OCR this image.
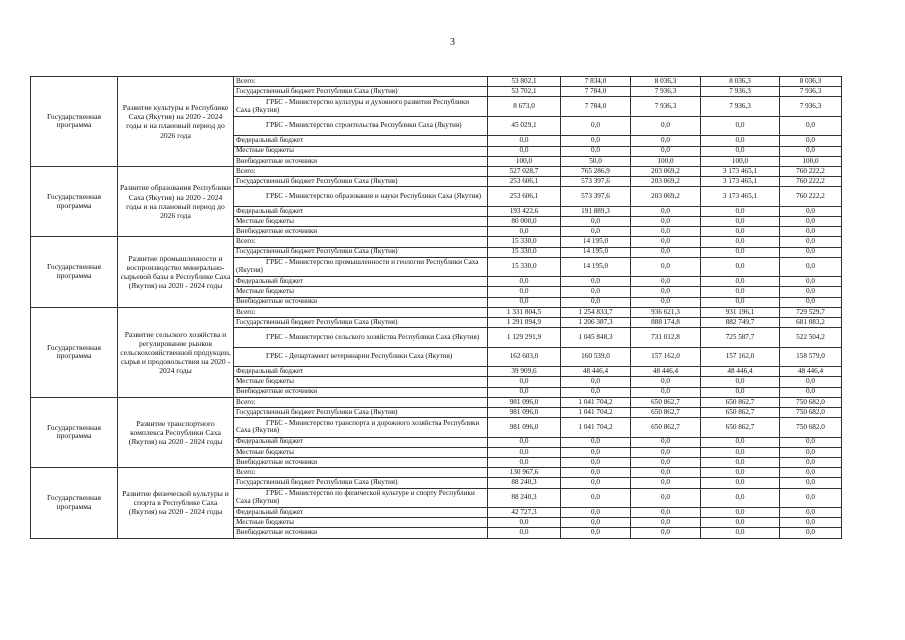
3
Государственная программа	Развитие культуры в Республике Саха (Якутия) на 2020 - 2024 годы и на плановый период до 2026 года	Всего:	53 802,1	7 834,0	8 036,3	8 036,3	8 036,3
		Государственный бюджет Республики Саха (Якутия)	53 702,1	7 784,0	7 936,3	7 936,3	7 936,3
		ГРБС - Министерство культуры и духовного развития Республики Саха (Якутия)	8 673,0	7 784,0	7 936,3	7 936,3	7 936,3
		ГРБС - Министерство строительства Республики Саха (Якутия)	45 029,1	0,0	0,0	0,0	0,0
		Федеральный бюджет	0,0	0,0	0,0	0,0	0,0
		Местные бюджеты	0,0	0,0	0,0	0,0	0,0
		Внебюджетные источники	100,0	50,0	100,0	100,0	100,0
Государственная программа	Развитие образования Республики Саха (Якутия) на 2020 - 2024 годы и на плановый период до 2026 года	Всего:	527 028,7	765 286,9	203 069,2	3 173 465,1	760 222,2
		Государственный бюджет Республики Саха (Якутия)	253 606,1	573 397,6	203 069,2	3 173 465,1	760 222,2
		ГРБС - Министерство образования и науки Республики Саха (Якутия)	253 606,1	573 397,6	203 069,2	3 173 465,1	760 222,2
		Федеральный бюджет	193 422,6	191 889,3	0,0	0,0	0,0
		Местные бюджеты	80 000,0	0,0	0,0	0,0	0,0
		Внебюджетные источники	0,0	0,0	0,0	0,0	0,0
Государственная программа	Развитие промышленности и воспроизводство минерально-сырьевой базы в Республике Саха (Якутия) на 2020 - 2024 годы	Всего:	15 330,0	14 195,0	0,0	0,0	0,0
		Государственный бюджет Республики Саха (Якутия)	15 330,0	14 195,0	0,0	0,0	0,0
		ГРБС - Министерство промышленности и геологии Республики Саха (Якутия)	15 330,0	14 195,0	0,0	0,0	0,0
		Федеральный бюджет	0,0	0,0	0,0	0,0	0,0
		Местные бюджеты	0,0	0,0	0,0	0,0	0,0
		Внебюджетные источники	0,0	0,0	0,0	0,0	0,0
Государственная программа	Развитие сельского хозяйства и регулирование рынков сельскохозяйственной продукции, сырья и продовольствия на 2020 - 2024 годы	Всего:	1 331 804,5	1 254 833,7	936 621,3	931 196,1	729 529,7
		Государственный бюджет Республики Саха (Якутия)	1 291 894,9	1 206 387,3	888 174,8	882 749,7	681 083,2
		ГРБС - Министерство сельского хозяйства Республики Саха (Якутия)	1 129 291,9	1 045 848,3	731 012,8	725 587,7	522 504,2
		ГРБС - Департамент ветеринарии Республики Саха (Якутия)	162 603,0	160 539,0	157 162,0	157 162,0	158 579,0
		Федеральный бюджет	39 909,6	48 446,4	48 446,4	48 446,4	48 446,4
		Местные бюджеты	0,0	0,0	0,0	0,0	0,0
		Внебюджетные источники	0,0	0,0	0,0	0,0	0,0
Государственная программа	Развитие транспортного комплекса Республики Саха (Якутия) на 2020 - 2024 годы	Всего:	981 096,0	1 041 704,2	650 862,7	650 862,7	750 682,0
		Государственный бюджет Республики Саха (Якутия)	981 096,0	1 041 704,2	650 862,7	650 862,7	750 682,0
		ГРБС - Министерство транспорта и дорожного хозяйства Республики Саха (Якутия)	981 096,0	1 041 704,2	650 862,7	650 862,7	750 682,0
		Федеральный бюджет	0,0	0,0	0,0	0,0	0,0
		Местные бюджеты	0,0	0,0	0,0	0,0	0,0
		Внебюджетные источники	0,0	0,0	0,0	0,0	0,0
Государственная программа	Развитие физической культуры и спорта в Республике Саха (Якутия) на 2020 - 2024 годы	Всего:	130 967,6	0,0	0,0	0,0	0,0
		Государственный бюджет Республики Саха (Якутия)	88 240,3	0,0	0,0	0,0	0,0
		ГРБС - Министерство по физической культуре и спорту Республики Саха (Якутия)	88 240,3	0,0	0,0	0,0	0,0
		Федеральный бюджет	42 727,3	0,0	0,0	0,0	0,0
		Местные бюджеты	0,0	0,0	0,0	0,0	0,0
		Внебюджетные источники	0,0	0,0	0,0	0,0	0,0
